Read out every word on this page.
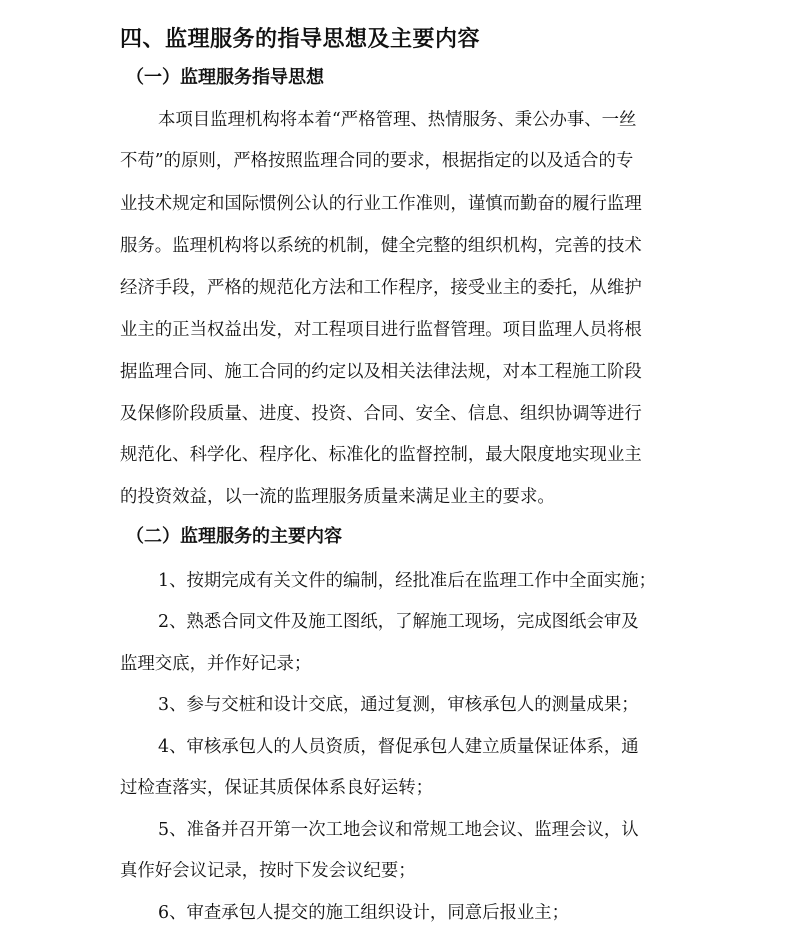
四、监理服务的指导思想及主要内容
（一）监理服务指导思想
本项目监理机构将本着“严格管理、热情服务、秉公办事、一丝
不苟”的原则，严格按照监理合同的要求，根据指定的以及适合的专
业技术规定和国际惯例公认的行业工作准则，谨慎而勤奋的履行监理
服务。监理机构将以系统的机制，健全完整的组织机构，完善的技术
经济手段，严格的规范化方法和工作程序，接受业主的委托，从维护
业主的正当权益出发，对工程项目进行监督管理。项目监理人员将根
据监理合同、施工合同的约定以及相关法律法规，对本工程施工阶段
及保修阶段质量、进度、投资、合同、安全、信息、组织协调等进行
规范化、科学化、程序化、标准化的监督控制，最大限度地实现业主
的投资效益，以一流的监理服务质量来满足业主的要求。
（二）监理服务的主要内容
1、按期完成有关文件的编制，经批准后在监理工作中全面实施；
2、熟悉合同文件及施工图纸，了解施工现场，完成图纸会审及
监理交底，并作好记录；
3、参与交桩和设计交底，通过复测，审核承包人的测量成果；
4、审核承包人的人员资质，督促承包人建立质量保证体系，通
过检查落实，保证其质保体系良好运转；
5、准备并召开第一次工地会议和常规工地会议、监理会议，认
真作好会议记录，按时下发会议纪要；
6、审查承包人提交的施工组织设计，同意后报业主；
